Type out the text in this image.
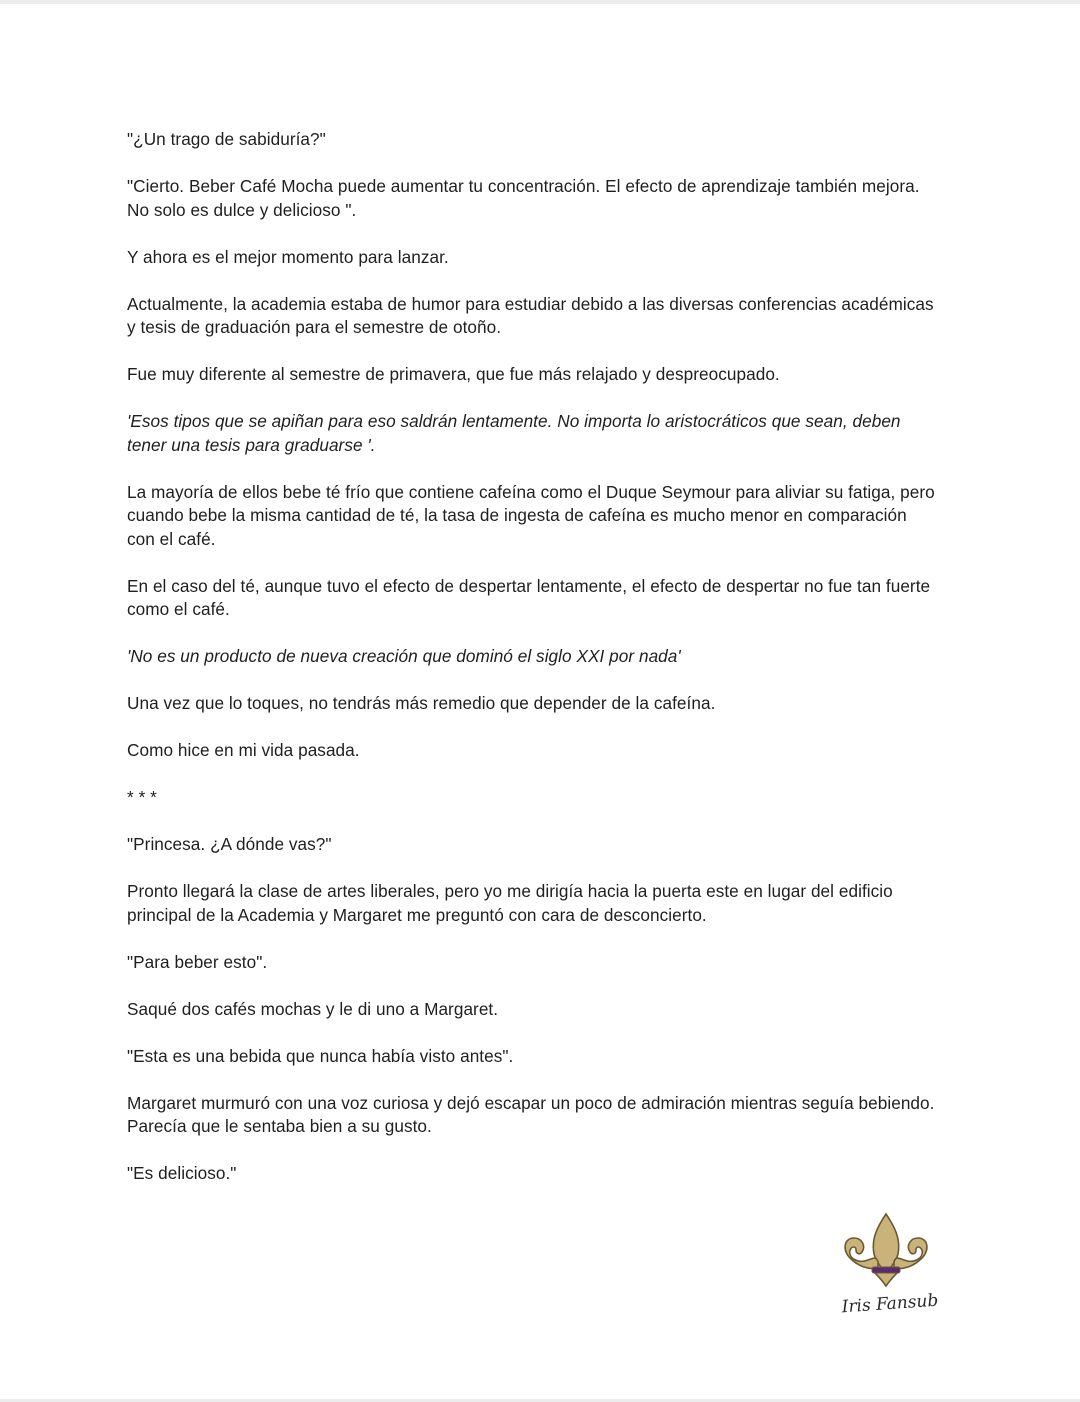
"¿Un trago de sabiduría?"

"Cierto. Beber Café Mocha puede aumentar tu concentración. El efecto de aprendizaje también mejora.
No solo es dulce y delicioso ".

Y ahora es el mejor momento para lanzar.

Actualmente, la academia estaba de humor para estudiar debido a las diversas conferencias académicas
y tesis de graduación para el semestre de otoño.

Fue muy diferente al semestre de primavera, que fue más relajado y despreocupado.

'Esos tipos que se apiñan para eso saldrán lentamente. No importa lo aristocráticos que sean, deben
tener una tesis para graduarse '.

La mayoría de ellos bebe té frío que contiene cafeína como el Duque Seymour para aliviar su fatiga, pero
cuando bebe la misma cantidad de té, la tasa de ingesta de cafeína es mucho menor en comparación
con el café.

En el caso del té, aunque tuvo el efecto de despertar lentamente, el efecto de despertar no fue tan fuerte
como el café.

'No es un producto de nueva creación que dominó el siglo XXI por nada'

Una vez que lo toques, no tendrás más remedio que depender de la cafeína.

Como hice en mi vida pasada.

* * *

"Princesa. ¿A dónde vas?"

Pronto llegará la clase de artes liberales, pero yo me dirigía hacia la puerta este en lugar del edificio
principal de la Academia y Margaret me preguntó con cara de desconcierto.

"Para beber esto".

Saqué dos cafés mochas y le di uno a Margaret.

"Esta es una bebida que nunca había visto antes".

Margaret murmuró con una voz curiosa y dejó escapar un poco de admiración mientras seguía bebiendo.
Parecía que le sentaba bien a su gusto.

"Es delicioso."

Iris Fansub
